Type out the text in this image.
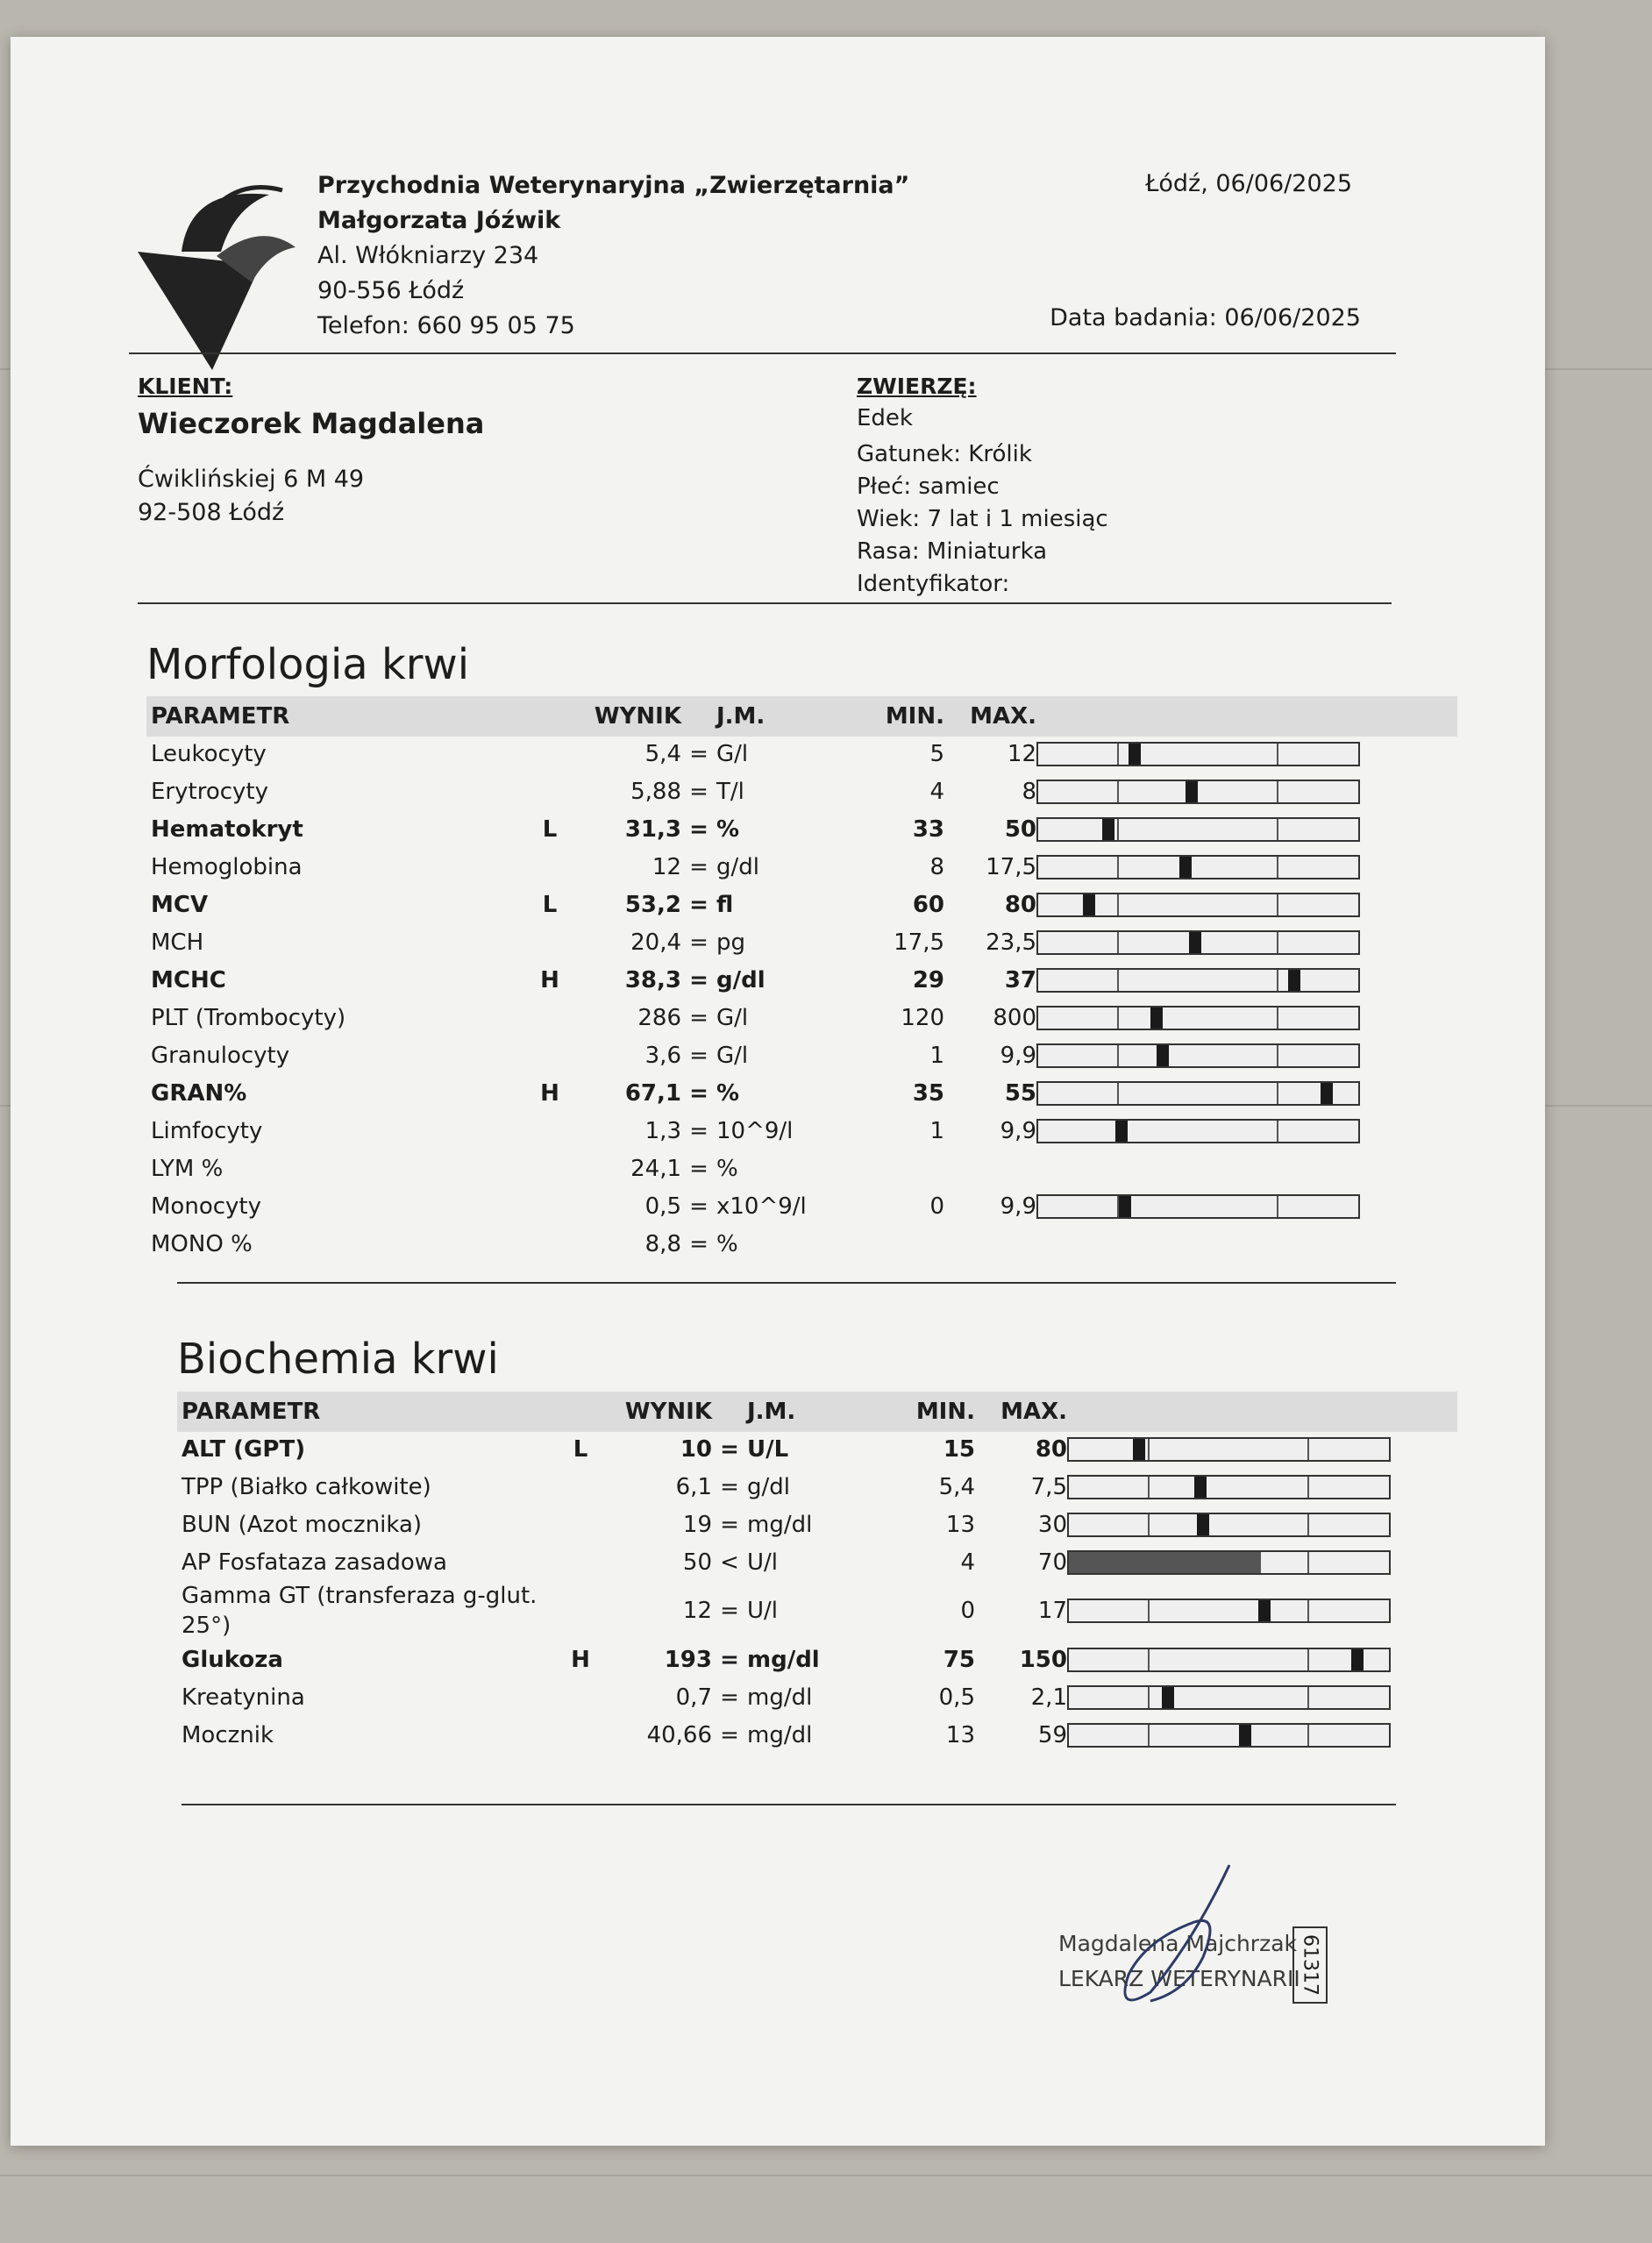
Przychodnia Weterynaryjna „Zwierzętarnia”
Małgorzata Jóźwik
Al. Włókniarzy 234
90-556 Łódź
Telefon: 660 95 05 75
Łódź, 06/06/2025
Data badania: 06/06/2025
KLIENT:
Wieczorek Magdalena
Ćwiklińskiej 6 M 49
92-508 Łódź
ZWIERZĘ:
Edek
Gatunek: Królik
Płeć: samiec
Wiek: 7 lat i 1 miesiąc
Rasa: Miniaturka
Identyfikator:
Morfologia krwi
PARAMETR		WYNIK		J.M.	MIN.	MAX.	
Leukocyty		5,4	=	G/l	5	12	

Erytrocyty		5,88	=	T/l	4	8	

Hematokryt	L	31,3	=	%	33	50	

Hemoglobina		12	=	g/dl	8	17,5	

MCV	L	53,2	=	fl	60	80	

MCH		20,4	=	pg	17,5	23,5	

MCHC	H	38,3	=	g/dl	29	37	

PLT (Trombocyty)		286	=	G/l	120	800	

Granulocyty		3,6	=	G/l	1	9,9	

GRAN%	H	67,1	=	%	35	55	

Limfocyty		1,3	=	10^9/l	1	9,9	

LYM %		24,1	=	%			
Monocyty		0,5	=	x10^9/l	0	9,9	

MONO %		8,8	=	%			
Biochemia krwi
PARAMETR		WYNIK		J.M.	MIN.	MAX.	
ALT (GPT)	L	10	=	U/L	15	80	

TPP (Białko całkowite)		6,1	=	g/dl	5,4	7,5	

BUN (Azot mocznika)		19	=	mg/dl	13	30	

AP Fosfataza zasadowa		50	<	U/l	4	70	

Gamma GT (transferaza g-glut. 25°)		12	=	U/l	0	17	

Glukoza	H	193	=	mg/dl	75	150	

Kreatynina		0,7	=	mg/dl	0,5	2,1	

Mocznik		40,66	=	mg/dl	13	59	
Magdalena Majchrzak
LEKARZ WETERYNARII
61317
